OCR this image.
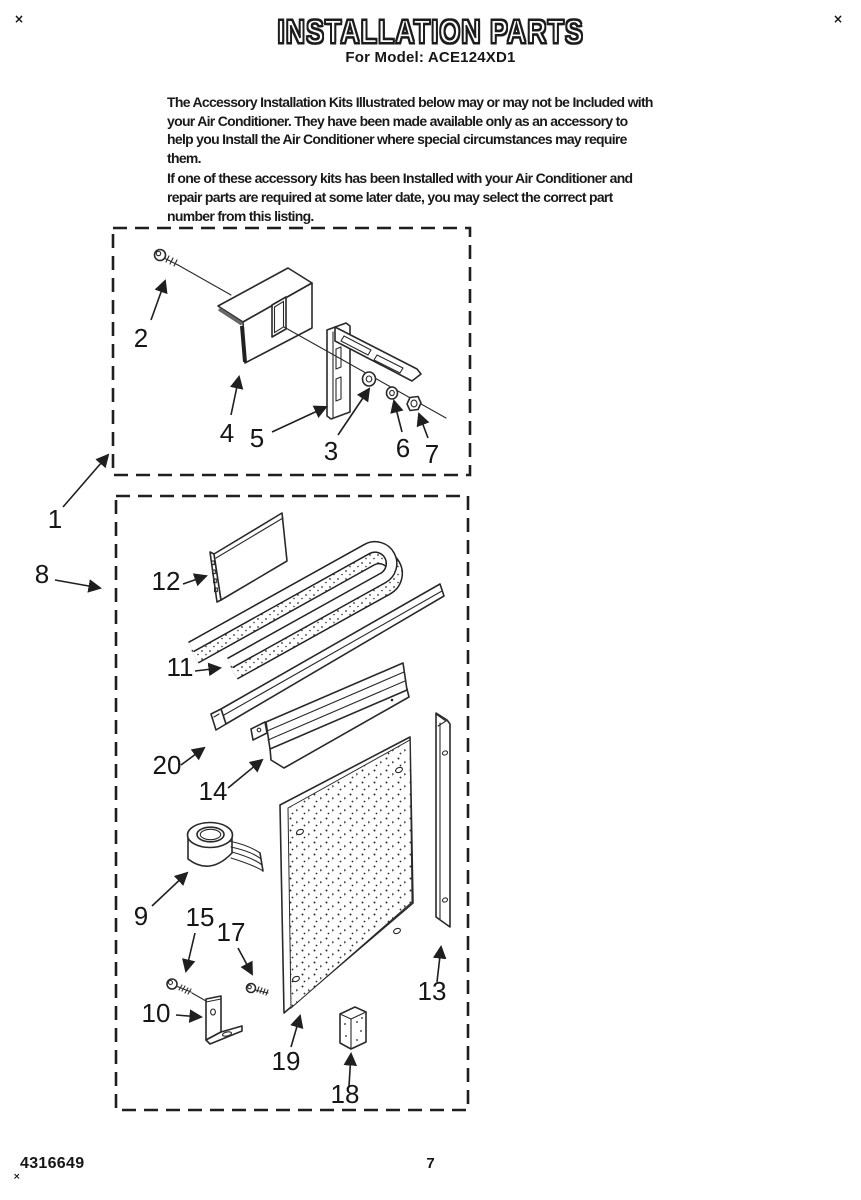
×	×
×
INSTALLATION PARTS
For Model: ACE124XD1
The Accessory Installation Kits Illustrated below may or may not be Included with
your Air Conditioner. They have been made available only as an accessory to
help you Install the Air Conditioner where special circumstances may require
them.
If one of these accessory kits has been Installed with your Air Conditioner and
repair parts are required at some later date, you may select the correct part
number from this listing.
1
2
4 5 3 6 7
8	12
11
20
14
9
19
13
15 17
10
18
4316649	7
